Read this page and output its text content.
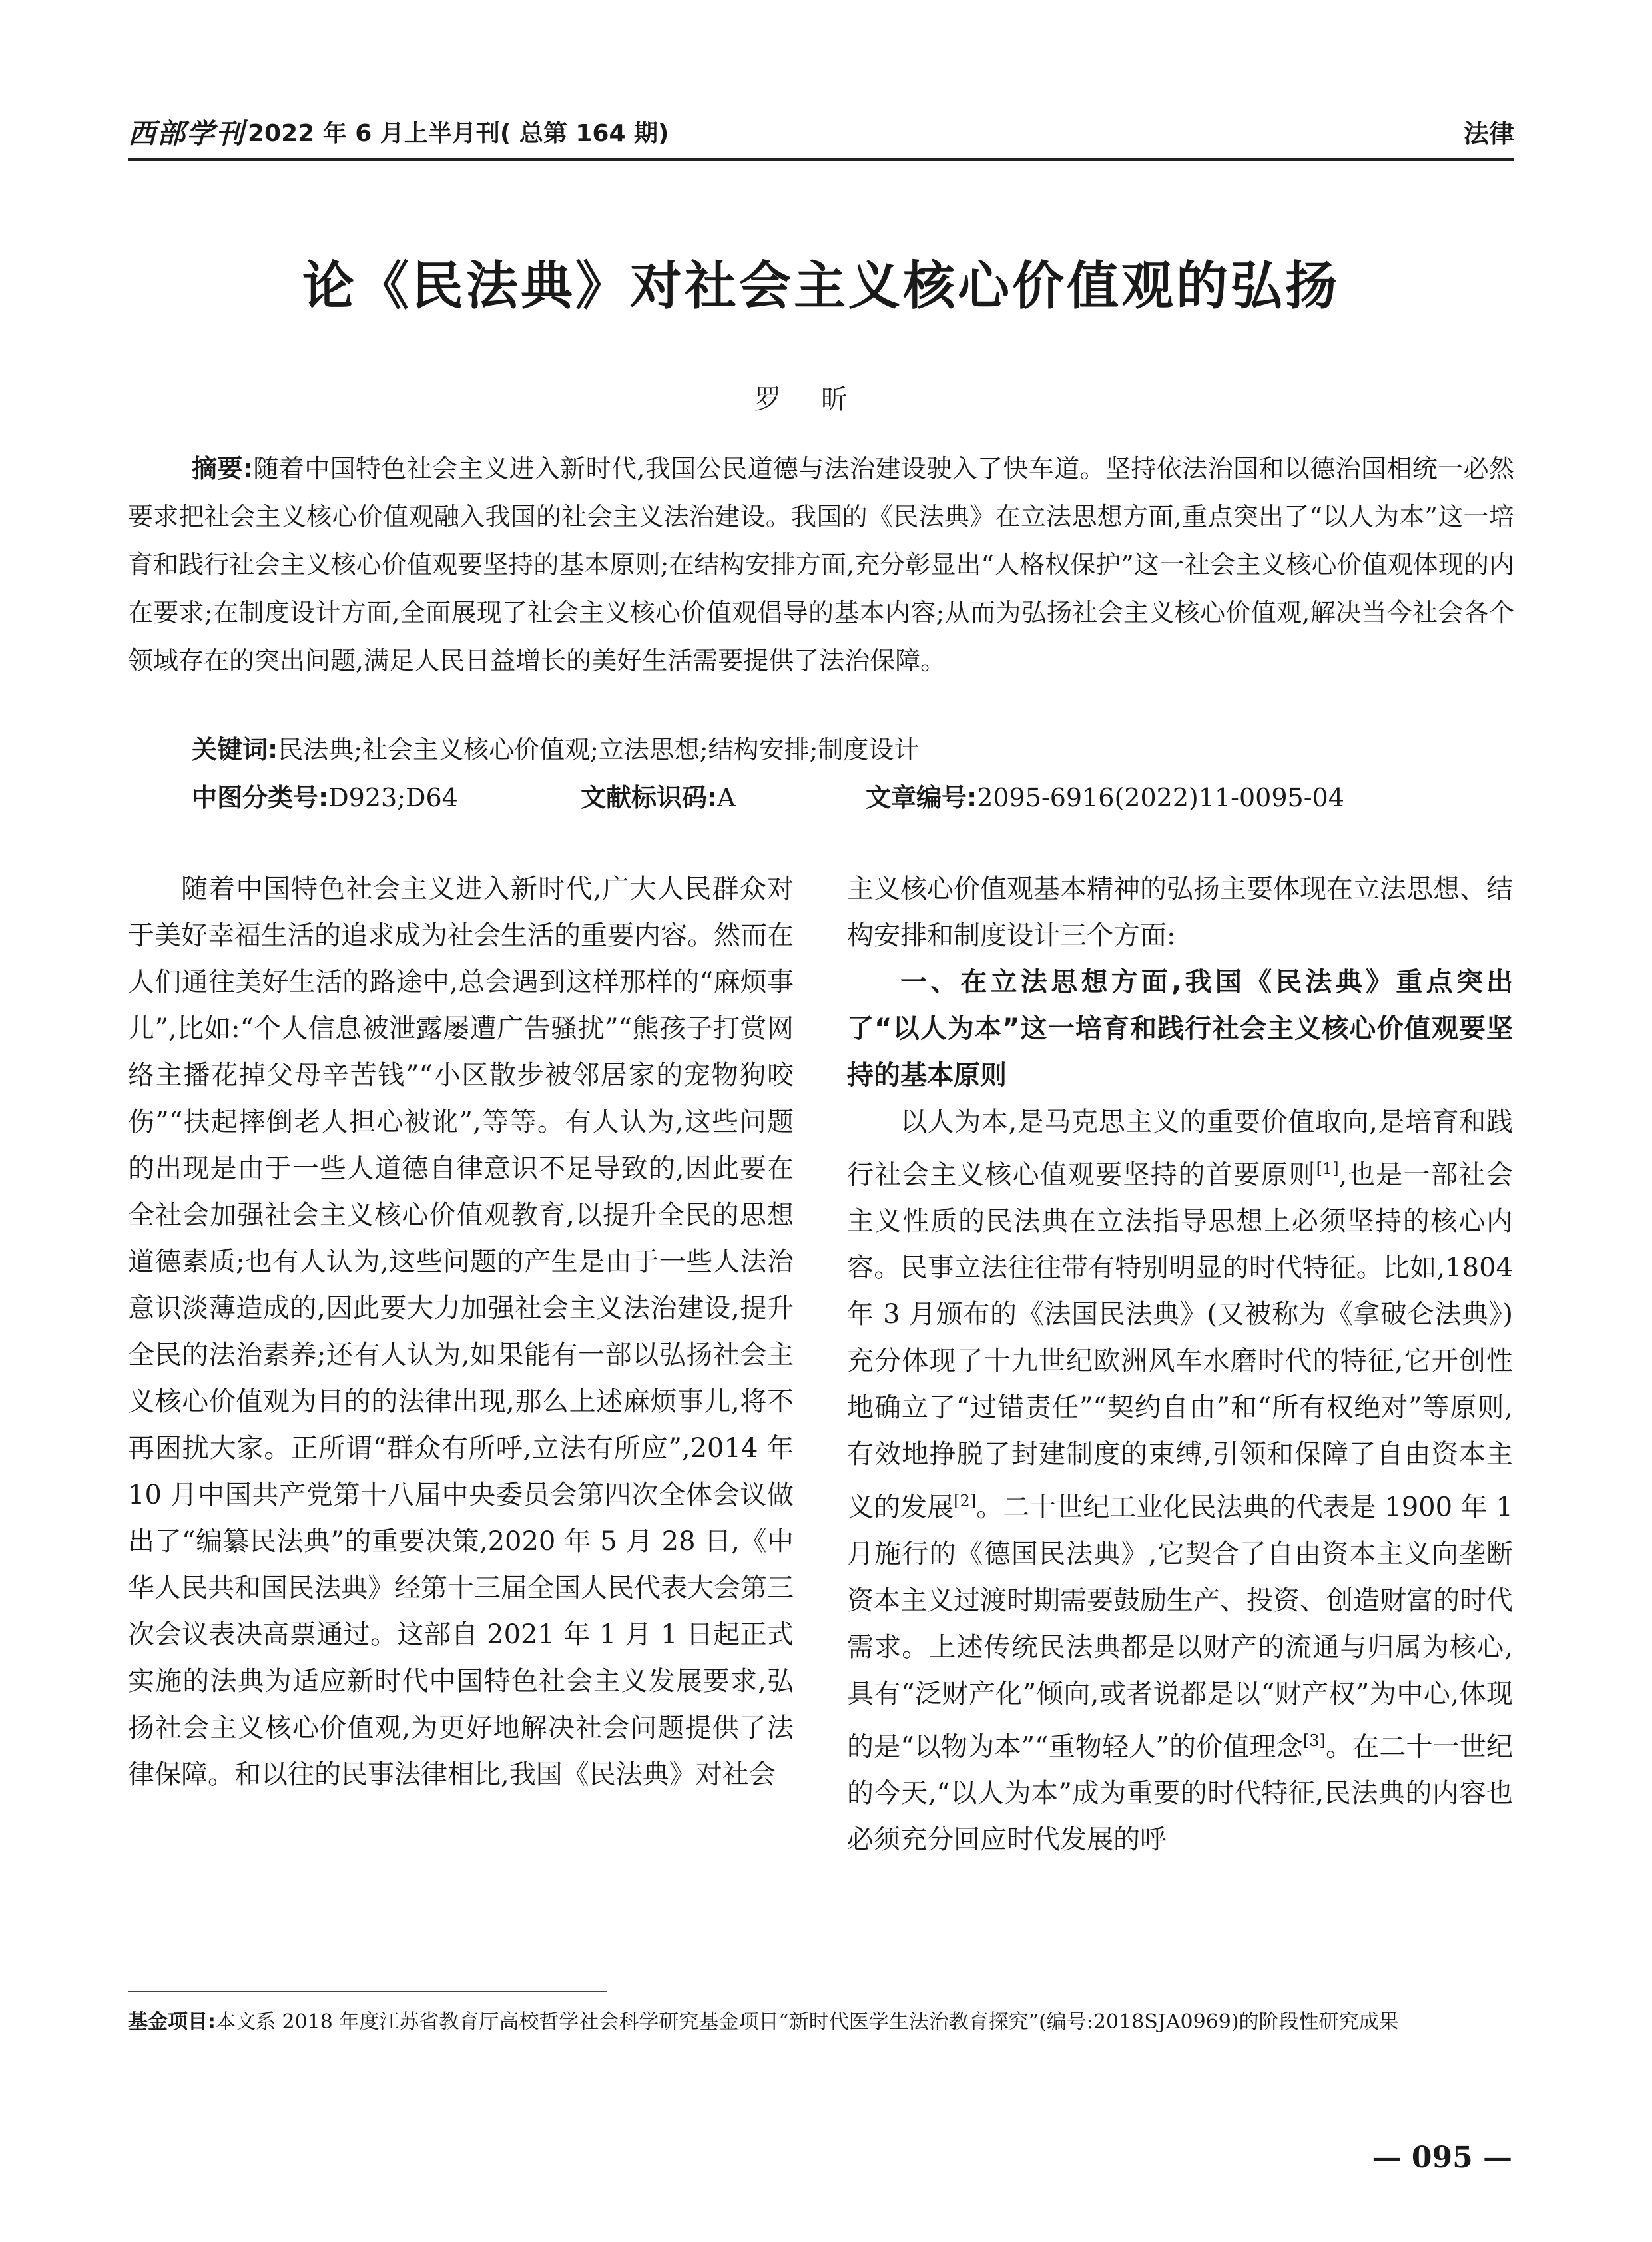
西部学刊 2022 年 6 月上半月刊( 总第 164 期)	法律
论《民法典》对社会主义核心价值观的弘扬
罗昕

摘要:随着中国特色社会主义进入新时代,我国公民道德与法治建设驶入了快车道。坚持依法治国和以德治国相统一必然要求把社会主义核心价值观融入我国的社会主义法治建设。我国的《民法典》在立法思想方面,重点突出了“以人为本”这一培育和践行社会主义核心价值观要坚持的基本原则;在结构安排方面,充分彰显出“人格权保护”这一社会主义核心价值观体现的内在要求;在制度设计方面,全面展现了社会主义核心价值观倡导的基本内容;从而为弘扬社会主义核心价值观,解决当今社会各个领域存在的突出问题,满足人民日益增长的美好生活需要提供了法治保障。

关键词:民法典;社会主义核心价值观;立法思想;结构安排;制度设计
中图分类号:D923;D64	文献标识码:A	文章编号:2095-6916(2022)11-0095-04

随着中国特色社会主义进入新时代,广大人民群众对于美好幸福生活的追求成为社会生活的重要内容。然而在人们通往美好生活的路途中,总会遇到这样那样的“麻烦事儿”,比如:“个人信息被泄露屡遭广告骚扰”“熊孩子打赏网络主播花掉父母辛苦钱”“小区散步被邻居家的宠物狗咬伤”“扶起摔倒老人担心被讹”,等等。有人认为,这些问题的出现是由于一些人道德自律意识不足导致的,因此要在全社会加强社会主义核心价值观教育,以提升全民的思想道德素质;也有人认为,这些问题的产生是由于一些人法治意识淡薄造成的,因此要大力加强社会主义法治建设,提升全民的法治素养;还有人认为,如果能有一部以弘扬社会主义核心价值观为目的的法律出现,那么上述麻烦事儿,将不再困扰大家。正所谓“群众有所呼,立法有所应”,2014 年 10 月中国共产党第十八届中央委员会第四次全体会议做出了“编纂民法典”的重要决策,2020 年 5 月 28 日,《中华人民共和国民法典》经第十三届全国人民代表大会第三次会议表决高票通过。这部自 2021 年 1 月 1 日起正式实施的法典为适应新时代中国特色社会主义发展要求,弘扬社会主义核心价值观,为更好地解决社会问题提供了法律保障。和以往的民事法律相比,我国《民法典》对社会

主义核心价值观基本精神的弘扬主要体现在立法思想、结构安排和制度设计三个方面:

一、在立法思想方面,我国《民法典》重点突出了“以人为本”这一培育和践行社会主义核心价值观要坚持的基本原则

以人为本,是马克思主义的重要价值取向,是培育和践行社会主义核心值观要坚持的首要原则[1],也是一部社会主义性质的民法典在立法指导思想上必须坚持的核心内容。民事立法往往带有特别明显的时代特征。比如,1804 年 3 月颁布的《法国民法典》(又被称为《拿破仑法典》)充分体现了十九世纪欧洲风车水磨时代的特征,它开创性地确立了“过错责任”“契约自由”和“所有权绝对”等原则,有效地挣脱了封建制度的束缚,引领和保障了自由资本主义的发展[2]。二十世纪工业化民法典的代表是 1900 年 1 月施行的《德国民法典》,它契合了自由资本主义向垄断资本主义过渡时期需要鼓励生产、投资、创造财富的时代需求。上述传统民法典都是以财产的流通与归属为核心,具有“泛财产化”倾向,或者说都是以“财产权”为中心,体现的是“以物为本”“重物轻人”的价值理念[3]。在二十一世纪的今天,“以人为本”成为重要的时代特征,民法典的内容也必须充分回应时代发展的呼

基金项目:本文系 2018 年度江苏省教育厅高校哲学社会科学研究基金项目“新时代医学生法治教育探究”(编号:2018SJA0969)的阶段性研究成果
— 095 —
